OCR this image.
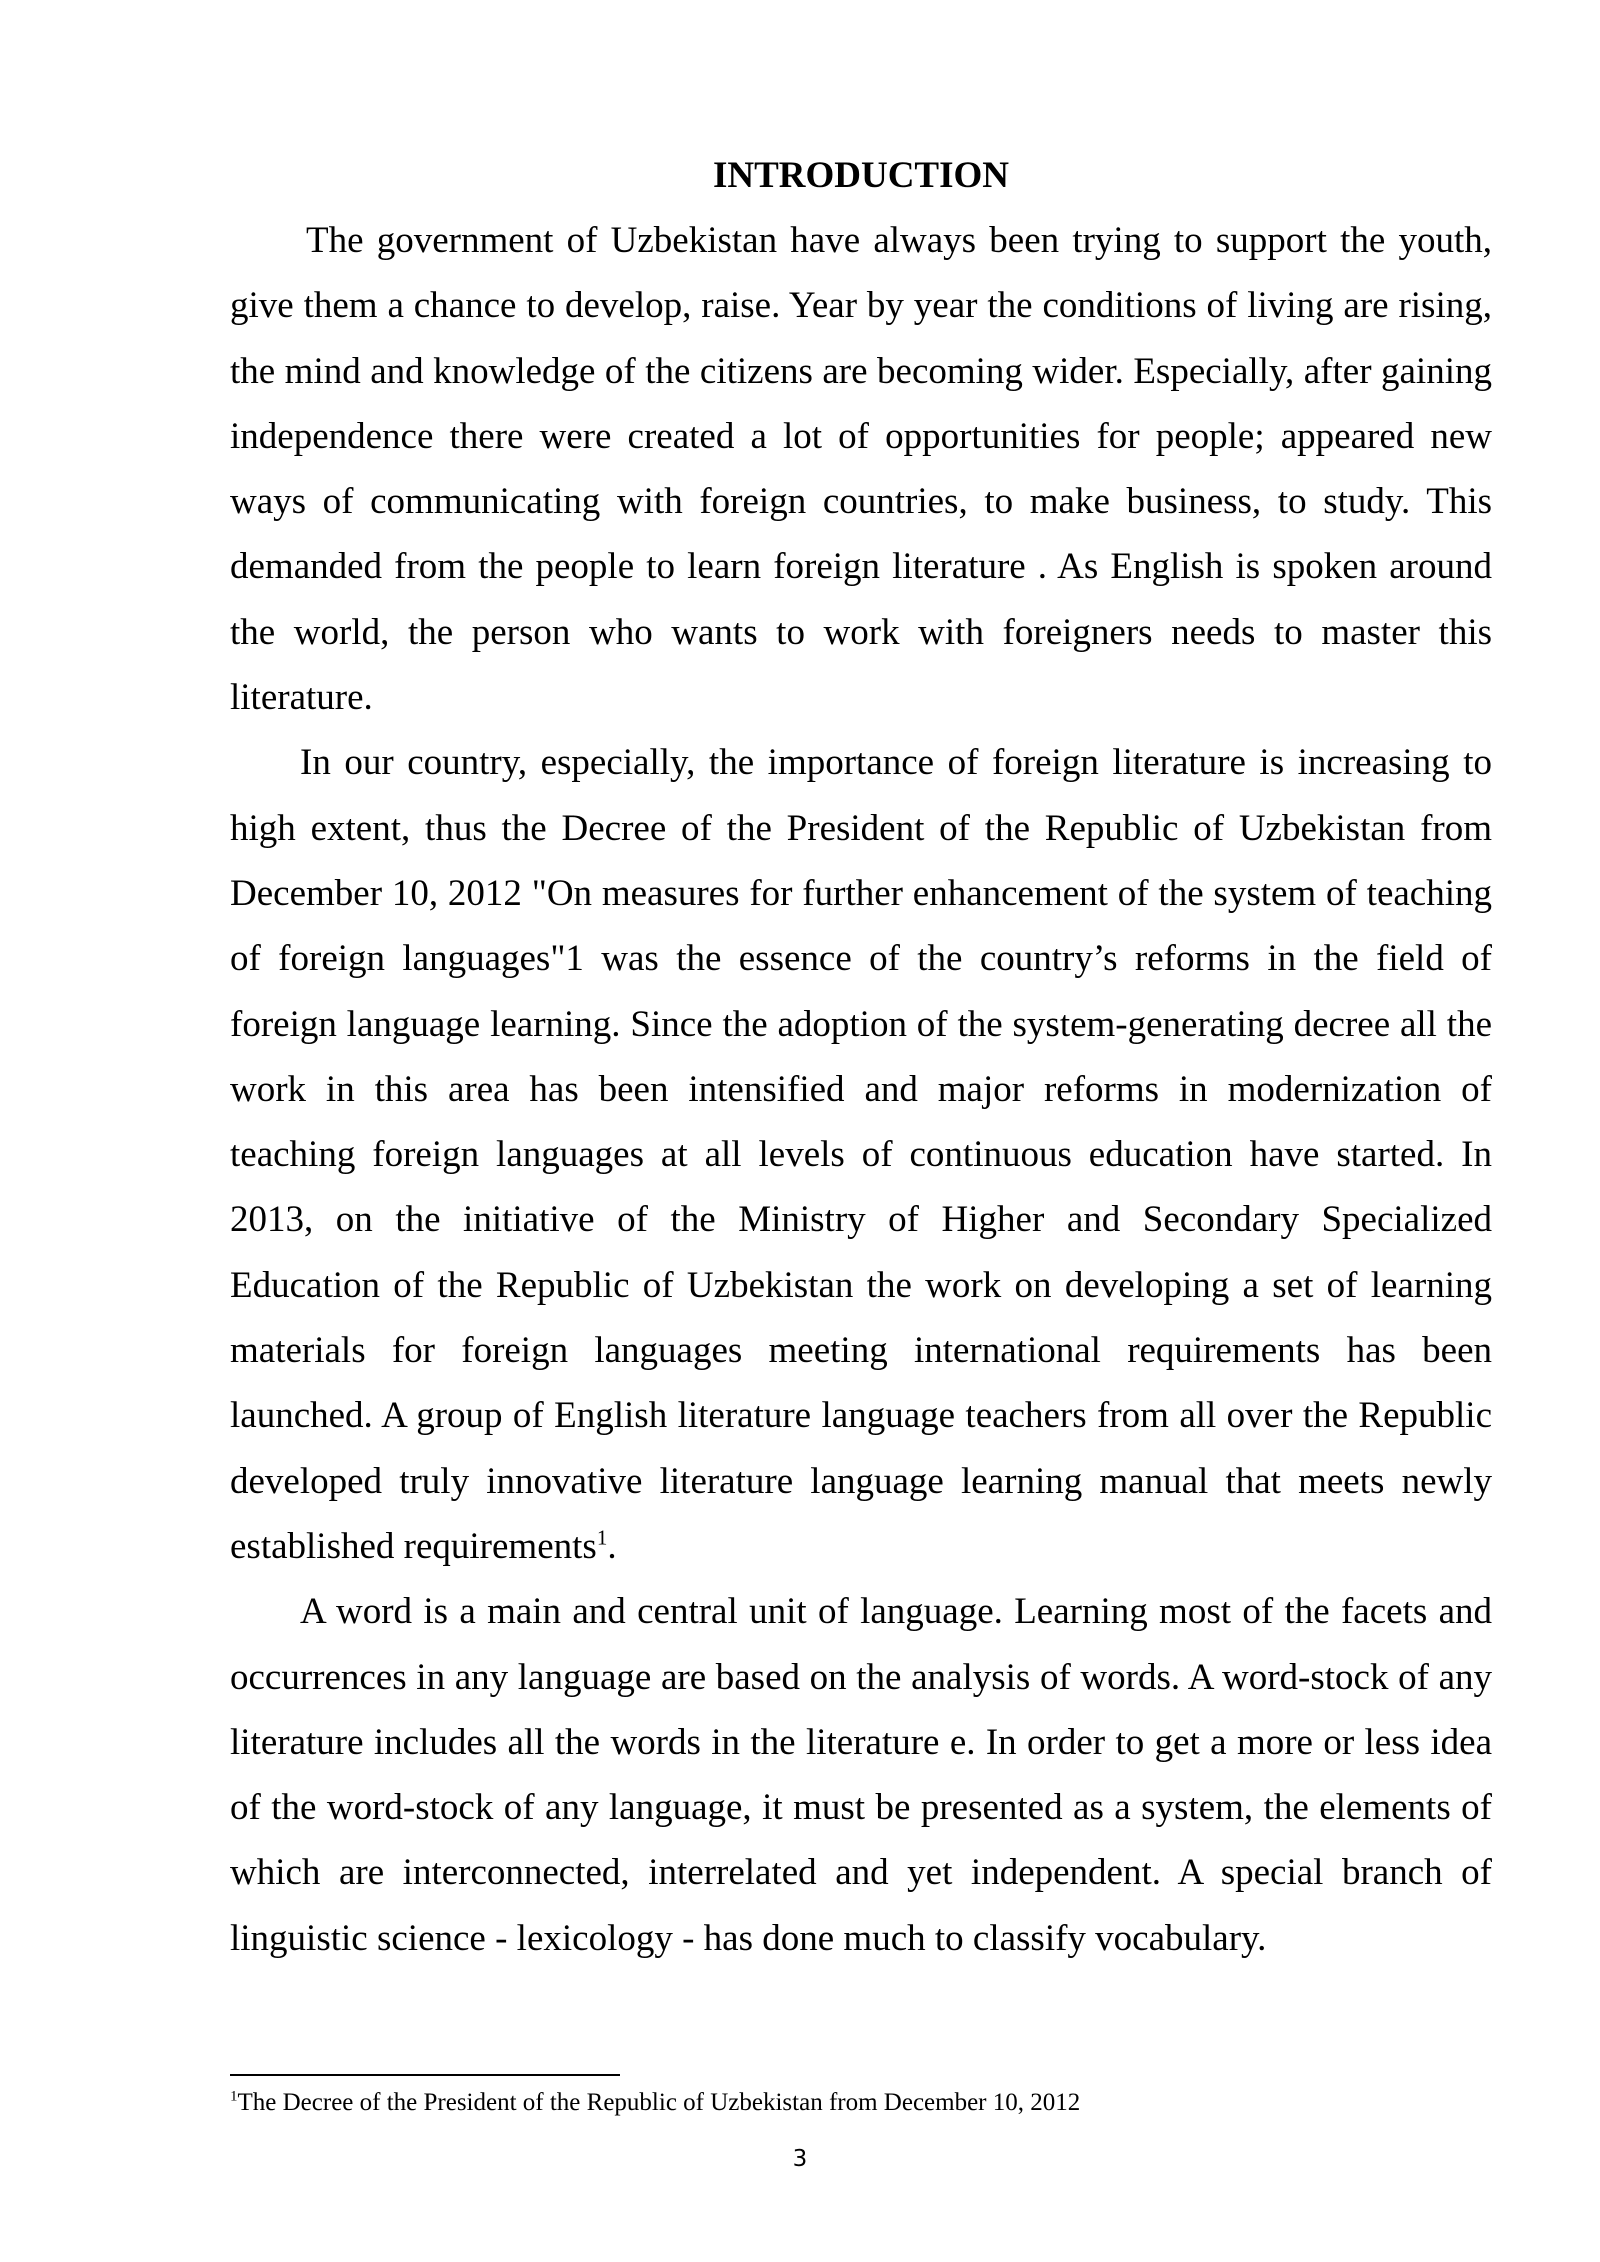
INTRODUCTION

The government of Uzbekistan have always been trying to support the youth, give them a chance to develop, raise. Year by year the conditions of living are rising, the mind and knowledge of the citizens are becoming wider. Especially, after gaining independence there were created a lot of opportunities for people; appeared new ways of communicating with foreign countries, to make business, to study. This demanded from the people to learn foreign literature . As English is spoken around the world, the person who wants to work with foreigners needs to master this literature.

In our country, especially, the importance of foreign literature is increasing to high extent, thus the Decree of the President of the Republic of Uzbekistan from December 10, 2012 "On measures for further enhancement of the system of teaching of foreign languages"1 was the essence of the country’s reforms in the field of foreign language learning. Since the adoption of the system-generating decree all the work in this area has been intensified and major reforms in modernization of teaching foreign languages at all levels of continuous education have started. In 2013, on the initiative of the Ministry of Higher and Secondary Specialized Education of the Republic of Uzbekistan the work on developing a set of learning materials for foreign languages meeting international requirements has been launched. A group of English literature language teachers from all over the Republic developed truly innovative literature language learning manual that meets newly established requirements$^1$.

A word is a main and central unit of language. Learning most of the facets and occurrences in any language are based on the analysis of words. A word-stock of any literature includes all the words in the literature e. In order to get a more or less idea of the word-stock of any language, it must be presented as a system, the elements of which are interconnected, interrelated and yet independent. A special branch of linguistic science - lexicology - has done much to classify vocabulary.

$^1$The Decree of the President of the Republic of Uzbekistan from December 10, 2012

3
